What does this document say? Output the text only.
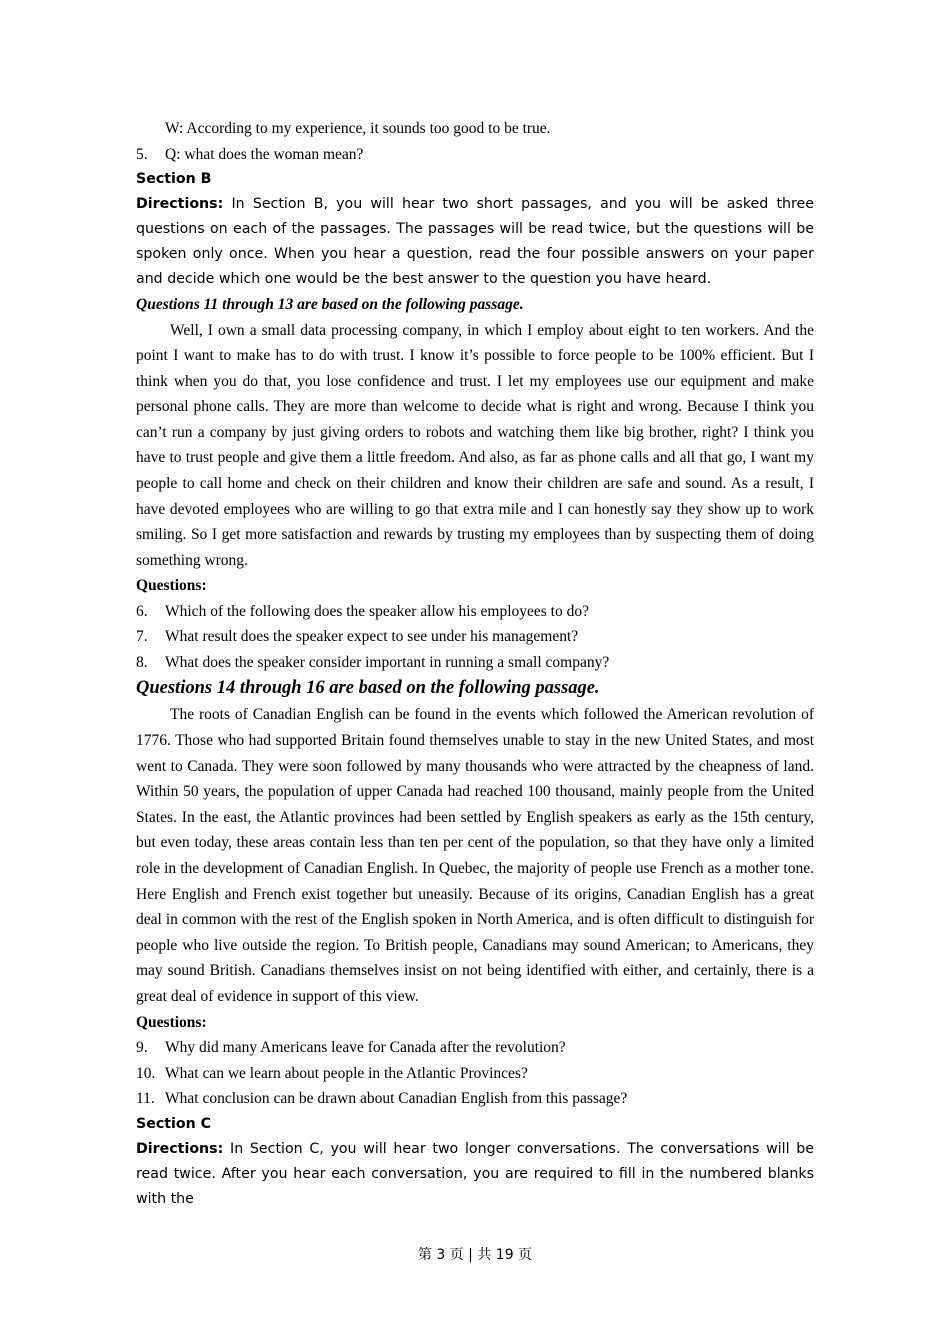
W: According to my experience, it sounds too good to be true.
5.	Q: what does the woman mean?
Section B
Directions: In Section B, you will hear two short passages, and you will be asked three questions on each of the passages. The passages will be read twice, but the questions will be spoken only once. When you hear a question, read the four possible answers on your paper and decide which one would be the best answer to the question you have heard.
Questions 11 through 13 are based on the following passage.
Well, I own a small data processing company, in which I employ about eight to ten workers. And the point I want to make has to do with trust. I know it’s possible to force people to be 100% efficient. But I think when you do that, you lose confidence and trust. I let my employees use our equipment and make personal phone calls. They are more than welcome to decide what is right and wrong. Because I think you can’t run a company by just giving orders to robots and watching them like big brother, right? I think you have to trust people and give them a little freedom. And also, as far as phone calls and all that go, I want my people to call home and check on their children and know their children are safe and sound. As a result, I have devoted employees who are willing to go that extra mile and I can honestly say they show up to work smiling. So I get more satisfaction and rewards by trusting my employees than by suspecting them of doing something wrong.
Questions:
6.	Which of the following does the speaker allow his employees to do?
7.	What result does the speaker expect to see under his management?
8.	What does the speaker consider important in running a small company?
Questions 14 through 16 are based on the following passage.
The roots of Canadian English can be found in the events which followed the American revolution of 1776. Those who had supported Britain found themselves unable to stay in the new United States, and most went to Canada. They were soon followed by many thousands who were attracted by the cheapness of land. Within 50 years, the population of upper Canada had reached 100 thousand, mainly people from the United States. In the east, the Atlantic provinces had been settled by English speakers as early as the 15th century, but even today, these areas contain less than ten per cent of the population, so that they have only a limited role in the development of Canadian English. In Quebec, the majority of people use French as a mother tone. Here English and French exist together but uneasily. Because of its origins, Canadian English has a great deal in common with the rest of the English spoken in North America, and is often difficult to distinguish for people who live outside the region. To British people, Canadians may sound American; to Americans, they may sound British. Canadians themselves insist on not being identified with either, and certainly, there is a great deal of evidence in support of this view.
Questions:
9.	Why did many Americans leave for Canada after the revolution?
10. What can we learn about people in the Atlantic Provinces?
11. What conclusion can be drawn about Canadian English from this passage?
Section C
Directions: In Section C, you will hear two longer conversations. The conversations will be read twice. After you hear each conversation, you are required to fill in the numbered blanks with the
第 3 页 | 共 19 页
